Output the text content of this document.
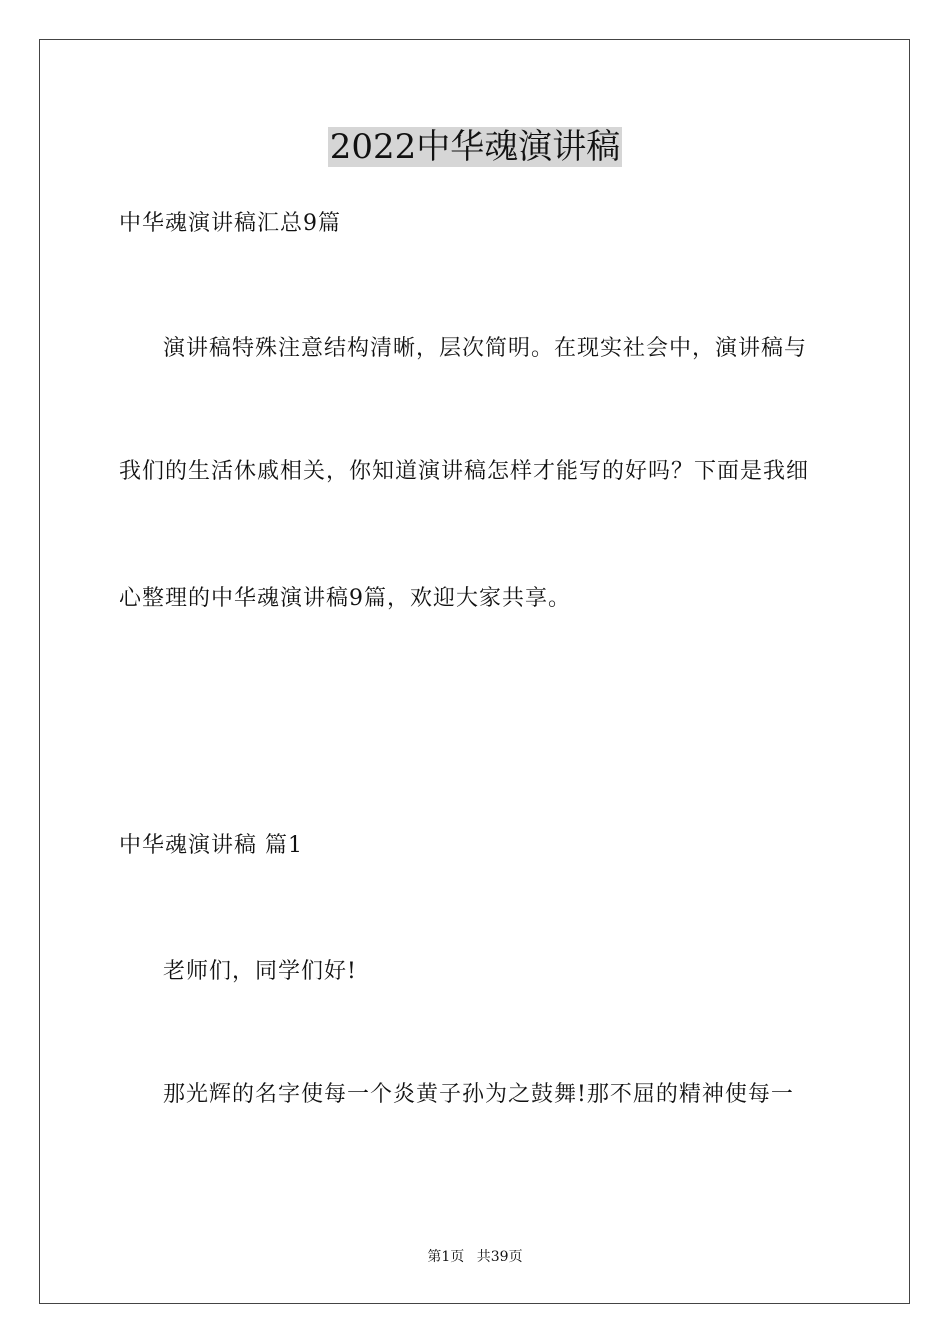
2022中华魂演讲稿

中华魂演讲稿汇总9篇

演讲稿特殊注意结构清晰，层次简明。在现实社会中，演讲稿与

我们的生活休戚相关，你知道演讲稿怎样才能写的好吗？下面是我细

心整理的中华魂演讲稿9篇，欢迎大家共享。

中华魂演讲稿 篇1

老师们，同学们好!

那光辉的名字使每一个炎黄子孙为之鼓舞!那不屈的精神使每一

第1页 共39页
